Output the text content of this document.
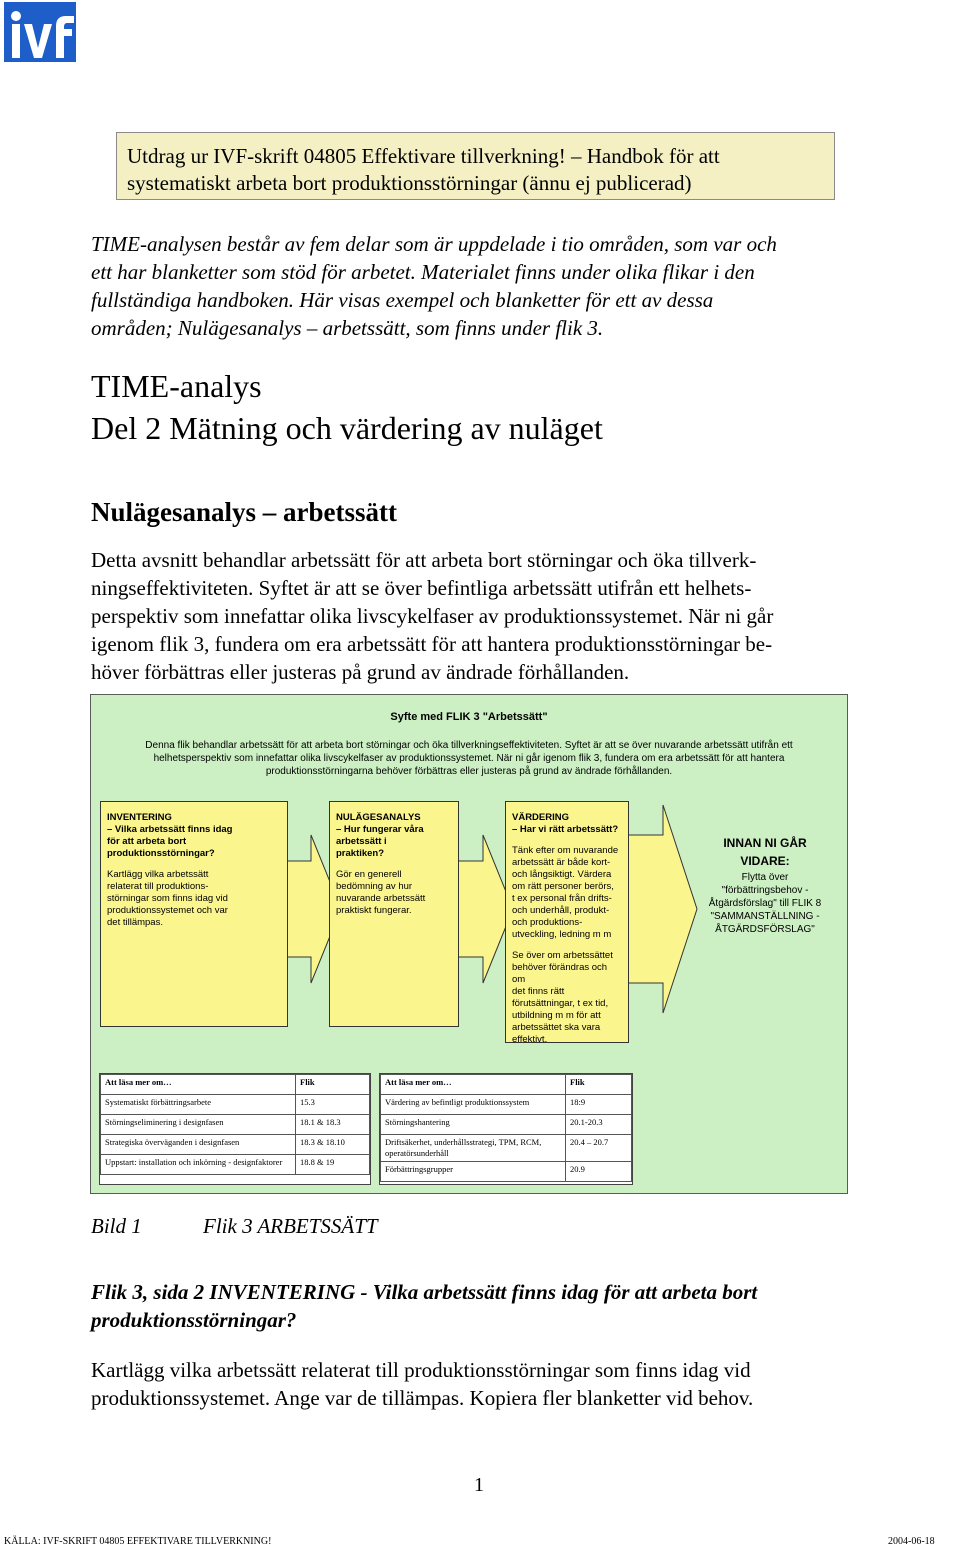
Utdrag ur IVF-skrift 04805 Effektivare tillverkning! – Handbok för att
systematiskt arbeta bort produktionsstörningar (ännu ej publicerad)
TIME-analysen består av fem delar som är uppdelade i tio områden, som var och
ett har blanketter som stöd för arbetet. Materialet finns under olika flikar i den
fullständiga handboken. Här visas exempel och blanketter för ett av dessa
områden; Nulägesanalys – arbetssätt, som finns under flik 3.
TIME-analys
Del 2 Mätning och värdering av nuläget
Nulägesanalys – arbetssätt
Detta avsnitt behandlar arbetssätt för att arbeta bort störningar och öka tillverk-
ningseffektiviteten. Syftet är att se över befintliga arbetssätt utifrån ett helhets-
perspektiv som innefattar olika livscykelfaser av produktionssystemet. När ni går
igenom flik 3, fundera om era arbetssätt för att hantera produktionsstörningar be-
höver förbättras eller justeras på grund av ändrade förhållanden.
Syfte med FLIK 3 "Arbetssätt"
Denna flik behandlar arbetssätt för att arbeta bort störningar och öka tillverkningseffektiviteten. Syftet är att se över nuvarande arbetssätt utifrån ett
helhetsperspektiv som innefattar olika livscykelfaser av produktionssystemet. När ni går igenom flik 3, fundera om era arbetssätt för att hantera
produktionsstörningarna behöver förbättras eller justeras på grund av ändrade förhållanden.

INVENTERING
– Vilka arbetssätt finns idag
för att arbeta bort
produktionsstörningar?

Kartlägg vilka arbetssätt
relaterat till produktions-
störningar som finns idag vid
produktionssystemet och var
det tillämpas.

NULÄGESANALYS
– Hur fungerar våra
arbetssätt i
praktiken?

Gör en generell
bedömning av hur
nuvarande arbetssätt
praktiskt fungerar.

VÄRDERING
– Har vi rätt arbetssätt?

Tänk efter om nuvarande
arbetssätt är både kort-
och långsiktigt. Värdera
om rätt personer berörs,
t ex personal från drifts-
och underhåll, produkt-
och produktions-
utveckling, ledning m m

Se över om arbetssättet
behöver förändras och om
det finns rätt
förutsättningar, t ex tid,
utbildning m m för att
arbetssättet ska vara
effektivt.

INNAN NI GÅR
VIDARE:
Flytta över
"förbättringsbehov -
Åtgärdsförslag" till FLIK 8
"SAMMANSTÄLLNING -
ÅTGÄRDSFÖRSLAG"
Att läsa mer om…	Flik
Systematiskt förbättringsarbete	15.3
Störningseliminering i designfasen	18.1 & 18.3
Strategiska överväganden i designfasen	18.3 & 18.10
Uppstart: installation och inkörning - designfaktorer	18.8 & 19
Att läsa mer om…	Flik
Värdering av befintligt produktionssystem	18:9
Störningshantering	20.1-20.3
Driftsäkerhet, underhållsstrategi, TPM, RCM, operatörsunderhåll	20.4 – 20.7
Förbättringsgrupper	20.9
Bild 1	Flik 3 ARBETSSÄTT
Flik 3, sida 2 INVENTERING - Vilka arbetssätt finns idag för att arbeta bort
produktionsstörningar?
Kartlägg vilka arbetssätt relaterat till produktionsstörningar som finns idag vid
produktionssystemet. Ange var de tillämpas. Kopiera fler blanketter vid behov.
1
KÄLLA: IVF-SKRIFT 04805 EFFEKTIVARE TILLVERKNING!	2004-06-18
